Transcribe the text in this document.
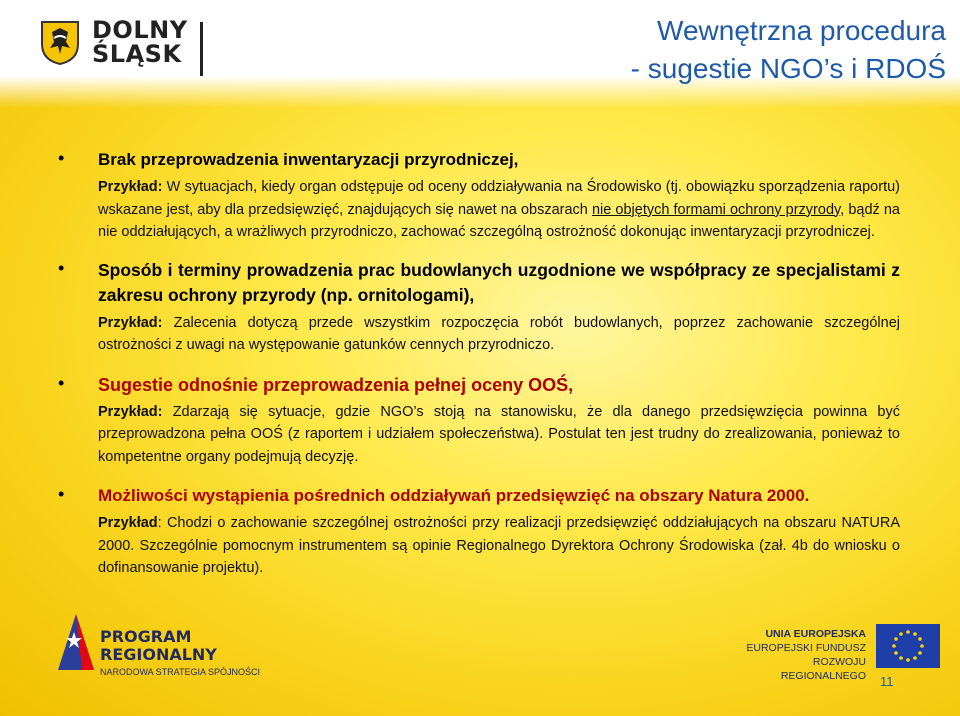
DOLNY
ŚLĄSK
Wewnętrzna procedura
- sugestie NGO’s i RDOŚ
• Brak przeprowadzenia inwentaryzacji przyrodniczej,
Przykład: W sytuacjach, kiedy organ odstępuje od oceny oddziaływania na Środowisko (tj. obowiązku sporządzenia raportu) wskazane jest, aby dla przedsięwzięć, znajdujących się nawet na obszarach nie objętych formami ochrony przyrody, bądź na nie oddziałujących, a wrażliwych przyrodniczo, zachować szczególną ostrożność dokonując inwentaryzacji przyrodniczej.
• Sposób i terminy prowadzenia prac budowlanych uzgodnione we współpracy ze specjalistami z zakresu ochrony przyrody (np. ornitologami),
Przykład: Zalecenia dotyczą przede wszystkim rozpoczęcia robót budowlanych, poprzez zachowanie szczególnej ostrożności z uwagi na występowanie gatunków cennych przyrodniczo.
• Sugestie odnośnie przeprowadzenia pełnej oceny OOŚ,
Przykład: Zdarzają się sytuacje, gdzie NGO’s stoją na stanowisku, że dla danego przedsięwzięcia powinna być przeprowadzona pełna OOŚ (z raportem i udziałem społeczeństwa). Postulat ten jest trudny do zrealizowania, ponieważ to kompetentne organy podejmują decyzję.
• Możliwości wystąpienia pośrednich oddziaływań przedsięwzięć na obszary Natura 2000.
Przykład: Chodzi o zachowanie szczególnej ostrożności przy realizacji przedsięwzięć oddziałujących na obszaru NATURA 2000. Szczególnie pomocnym instrumentem są opinie Regionalnego Dyrektora Ochrony Środowiska (zał. 4b do wniosku o dofinansowanie projektu).
PROGRAM
REGIONALNY
NARODOWA STRATEGIA SPÓJNOŚCI
UNIA EUROPEJSKA
EUROPEJSKI FUNDUSZ
ROZWOJU REGIONALNEGO 11
